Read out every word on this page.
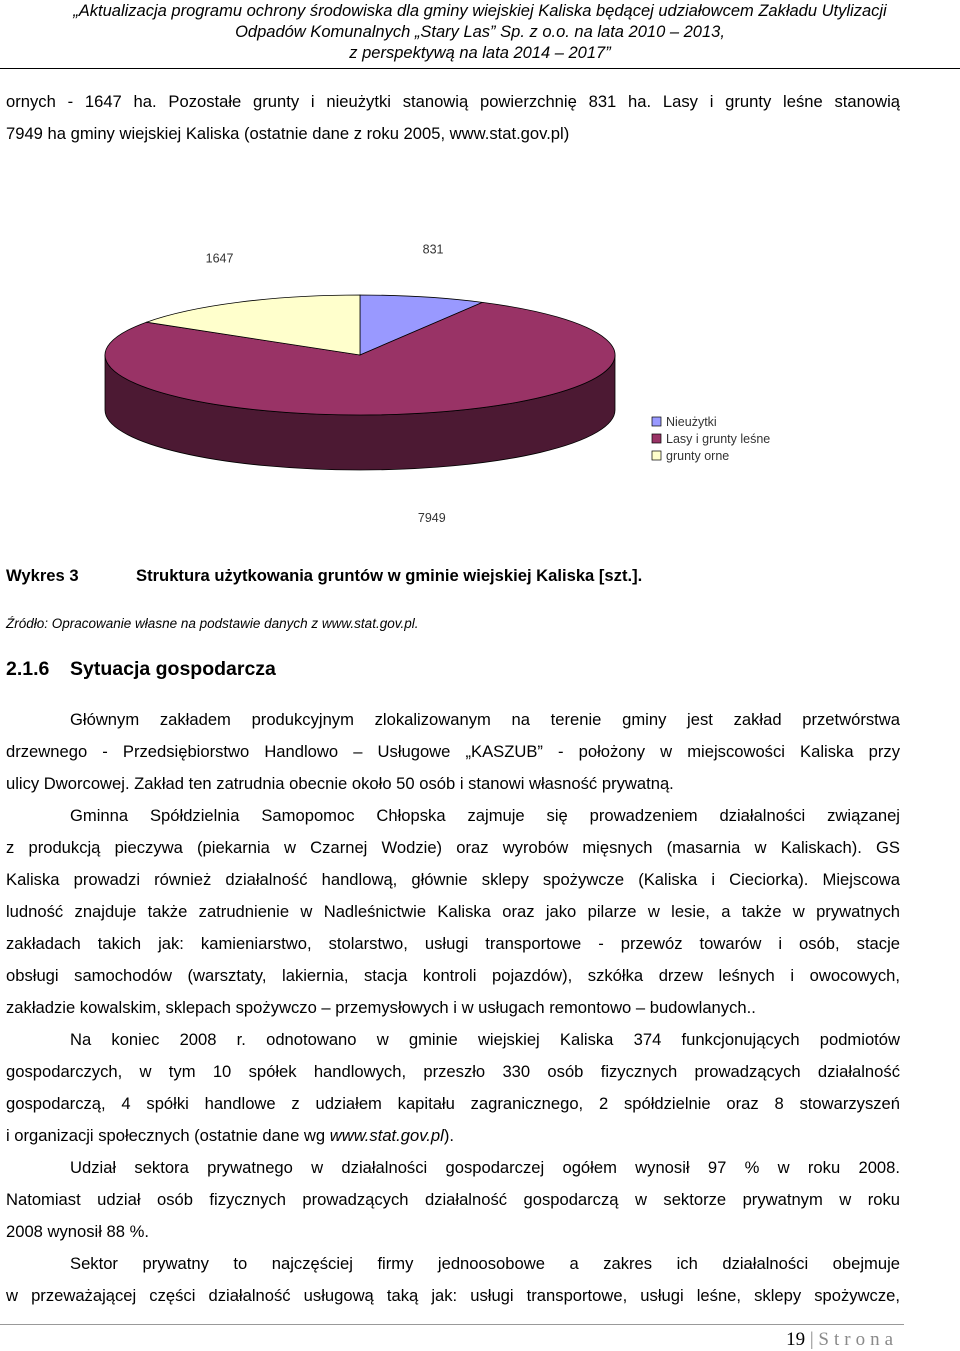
„Aktualizacja programu ochrony środowiska dla gminy wiejskiej Kaliska będącej udziałowcem Zakładu Utylizacji
Odpadów Komunalnych „Stary Las” Sp. z o.o. na lata 2010 – 2013,
z perspektywą na lata 2014 – 2017”
ornych - 1647 ha. Pozostałe grunty i nieużytki stanowią powierzchnię 831 ha. Lasy i grunty leśne stanowią
7949 ha gminy wiejskiej Kaliska (ostatnie dane z roku 2005, www.stat.gov.pl)
831
7949
1647
Nieużytki
Lasy i grunty leśne
grunty orne
Wykres 3	Struktura użytkowania gruntów w gminie wiejskiej Kaliska [szt.].
Źródło: Opracowanie własne na podstawie danych z www.stat.gov.pl.
2.1.6 Sytuacja gospodarcza
Głównym zakładem produkcyjnym zlokalizowanym na terenie gminy jest zakład przetwórstwa
drzewnego - Przedsiębiorstwo Handlowo – Usługowe „KASZUB” - położony w miejscowości Kaliska przy
ulicy Dworcowej. Zakład ten zatrudnia obecnie około 50 osób i stanowi własność prywatną.
Gminna Spółdzielnia Samopomoc Chłopska zajmuje się prowadzeniem działalności związanej
z produkcją pieczywa (piekarnia w Czarnej Wodzie) oraz wyrobów mięsnych (masarnia w Kaliskach). GS
Kaliska prowadzi również działalność handlową, głównie sklepy spożywcze (Kaliska i Cieciorka). Miejscowa
ludność znajduje także zatrudnienie w Nadleśnictwie Kaliska oraz jako pilarze w lesie, a także w prywatnych
zakładach takich jak: kamieniarstwo, stolarstwo, usługi transportowe - przewóz towarów i osób, stacje
obsługi samochodów (warsztaty, lakiernia, stacja kontroli pojazdów), szkółka drzew leśnych i owocowych,
zakładzie kowalskim, sklepach spożywczo – przemysłowych i w usługach remontowo – budowlanych..
Na koniec 2008 r. odnotowano w gminie wiejskiej Kaliska 374 funkcjonujących podmiotów
gospodarczych, w tym 10 spółek handlowych, przeszło 330 osób fizycznych prowadzących działalność
gospodarczą, 4 spółki handlowe z udziałem kapitału zagranicznego, 2 spółdzielnie oraz 8 stowarzyszeń
i organizacji społecznych (ostatnie dane wg www.stat.gov.pl).
Udział sektora prywatnego w działalności gospodarczej ogółem wynosił 97 % w roku 2008.
Natomiast udział osób fizycznych prowadzących działalność gospodarczą w sektorze prywatnym w roku
2008 wynosił 88 %.
Sektor prywatny to najczęściej firmy jednoosobowe a zakres ich działalności obejmuje
w przeważającej części działalność usługową taką jak: usługi transportowe, usługi leśne, sklepy spożywcze,
19 | Strona
